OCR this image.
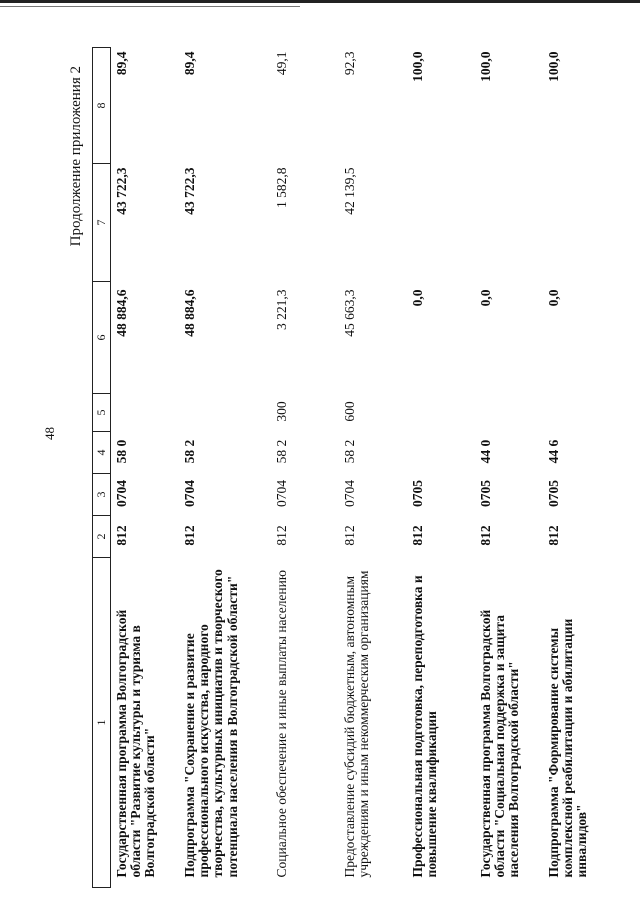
48
Продолжение приложения 2
1	2	3	4	5	6	7	8
Государственная программа Волгоградской области "Развитие культуры и туризма в Волгоградской области"	812	0704	58 0		48 884,6	43 722,3	89,4
Подпрограмма "Сохранение и развитие профессионального искусства, народного творчества, культурных инициатив и творческого потенциала населения в Волгоградской области"	812	0704	58 2		48 884,6	43 722,3	89,4
Социальное обеспечение и иные выплаты населению	812	0704	58 2	300	3 221,3	1 582,8	49,1
Предоставление субсидий бюджетным, автономным учреждениям и иным некоммерческим организациям	812	0704	58 2	600	45 663,3	42 139,5	92,3
Профессиональная подготовка, переподготовка и повышение квалификации	812	0705			0,0		100,0
Государственная программа Волгоградской области "Социальная поддержка и защита населения Волгоградской области"	812	0705	44 0		0,0		100,0
Подпрограмма "Формирование системы комплексной реабилитации и абилитации инвалидов"	812	0705	44 6		0,0		100,0
